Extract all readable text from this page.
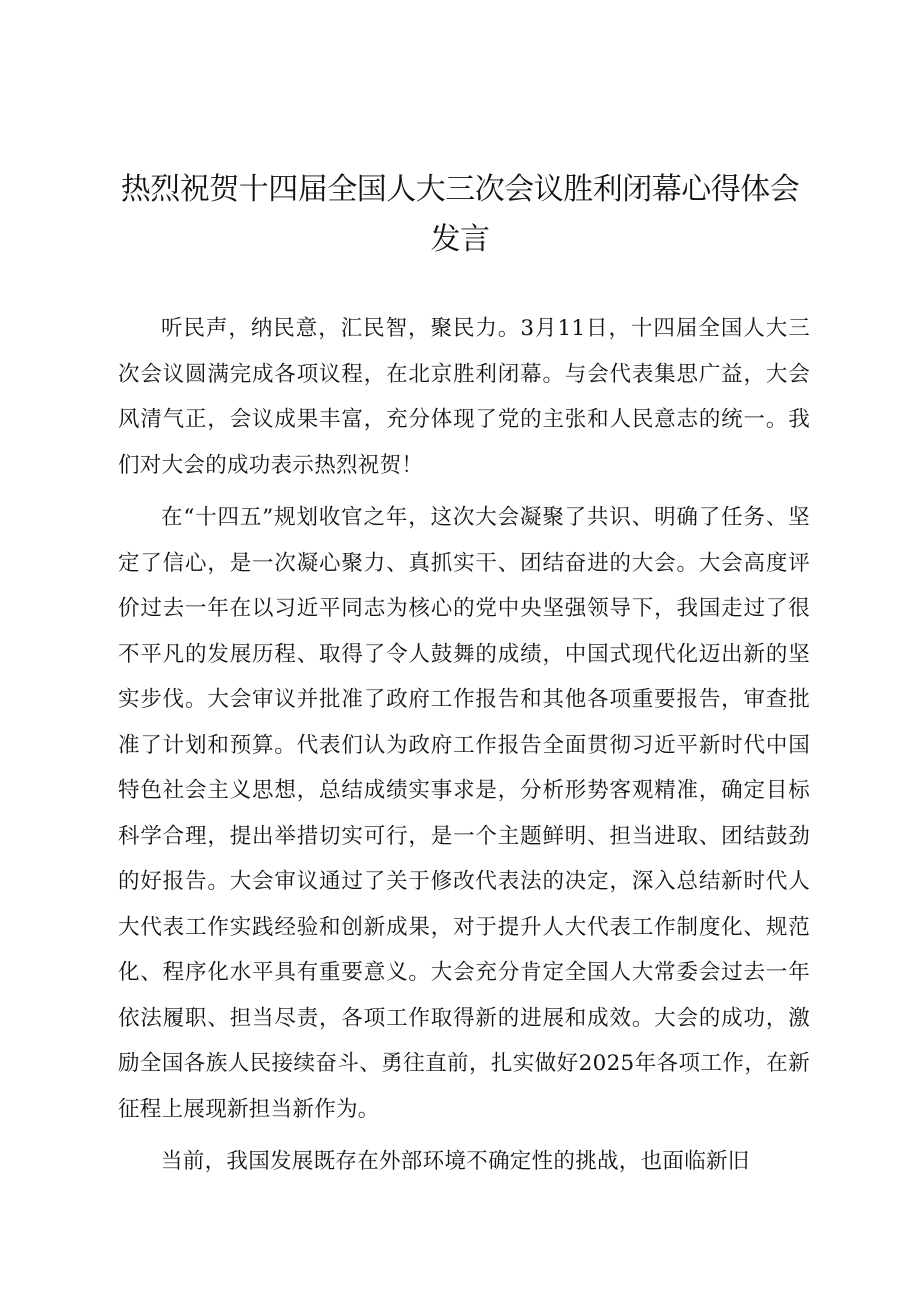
热烈祝贺十四届全国人大三次会议胜利闭幕心得体会发言

听民声，纳民意，汇民智，聚民力。3月11日，十四届全国人大三次会议圆满完成各项议程，在北京胜利闭幕。与会代表集思广益，大会风清气正，会议成果丰富，充分体现了党的主张和人民意志的统一。我们对大会的成功表示热烈祝贺！

在“十四五”规划收官之年，这次大会凝聚了共识、明确了任务、坚定了信心，是一次凝心聚力、真抓实干、团结奋进的大会。大会高度评价过去一年在以习近平同志为核心的党中央坚强领导下，我国走过了很不平凡的发展历程、取得了令人鼓舞的成绩，中国式现代化迈出新的坚实步伐。大会审议并批准了政府工作报告和其他各项重要报告，审查批准了计划和预算。代表们认为政府工作报告全面贯彻习近平新时代中国特色社会主义思想，总结成绩实事求是，分析形势客观精准，确定目标科学合理，提出举措切实可行，是一个主题鲜明、担当进取、团结鼓劲的好报告。大会审议通过了关于修改代表法的决定，深入总结新时代人大代表工作实践经验和创新成果，对于提升人大代表工作制度化、规范化、程序化水平具有重要意义。大会充分肯定全国人大常委会过去一年依法履职、担当尽责，各项工作取得新的进展和成效。大会的成功，激励全国各族人民接续奋斗、勇往直前，扎实做好2025年各项工作，在新征程上展现新担当新作为。

当前，我国发展既存在外部环境不确定性的挑战，也面临新旧
